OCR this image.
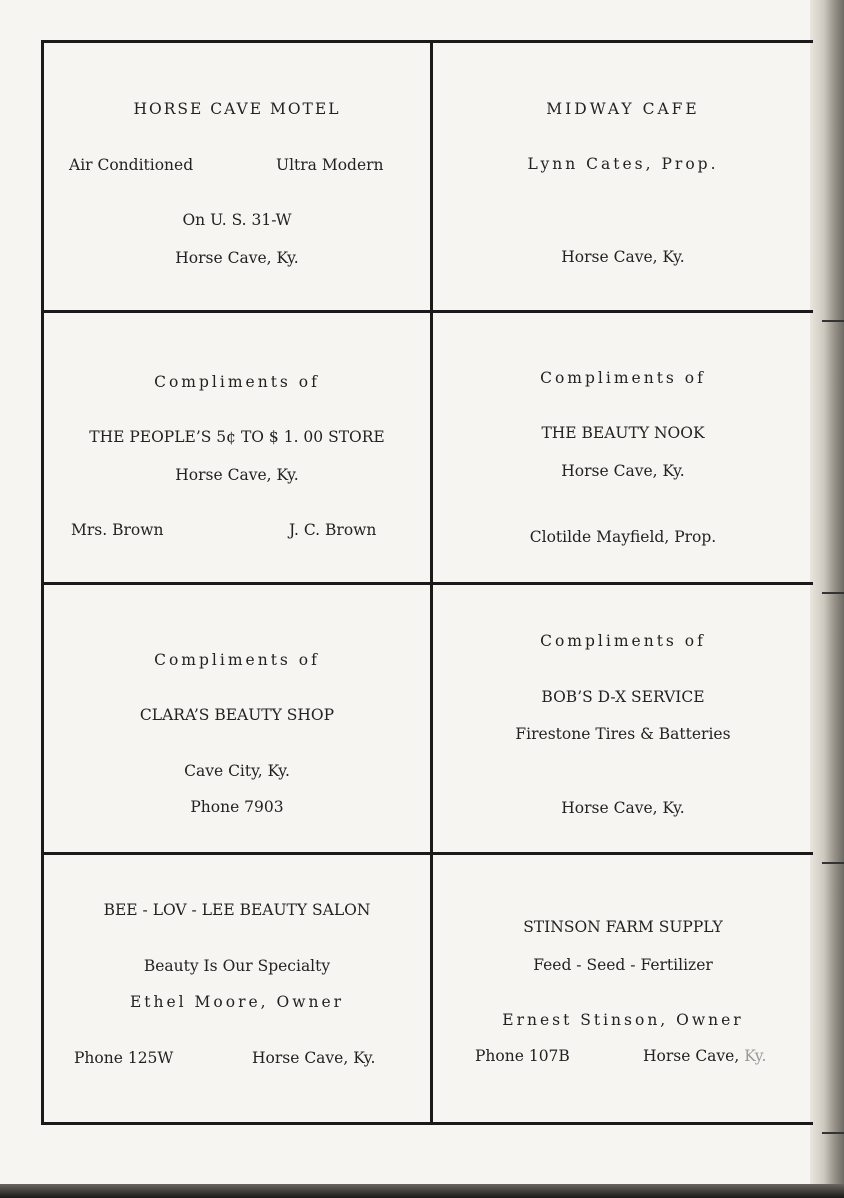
HORSE CAVE MOTEL
Air Conditioned	Ultra Modern
On U. S. 31-W
Horse Cave, Ky.
MIDWAY CAFE
Lynn Cates, Prop.
Horse Cave, Ky.
Compliments of
THE PEOPLE’S 5¢ TO $ 1. 00 STORE
Horse Cave, Ky.
Mrs. Brown	J. C. Brown
Compliments of
THE BEAUTY NOOK
Horse Cave, Ky.
Clotilde Mayfield, Prop.
Compliments of
CLARA’S BEAUTY SHOP
Cave City, Ky.
Phone 7903
Compliments of
BOB’S D-X SERVICE
Firestone Tires & Batteries
Horse Cave, Ky.
BEE - LOV - LEE BEAUTY SALON
Beauty Is Our Specialty
Ethel Moore, Owner
Phone 125W	Horse Cave, Ky.
STINSON FARM SUPPLY
Feed - Seed - Fertilizer
Ernest Stinson, Owner
Phone 107B	Horse Cave, Ky.
